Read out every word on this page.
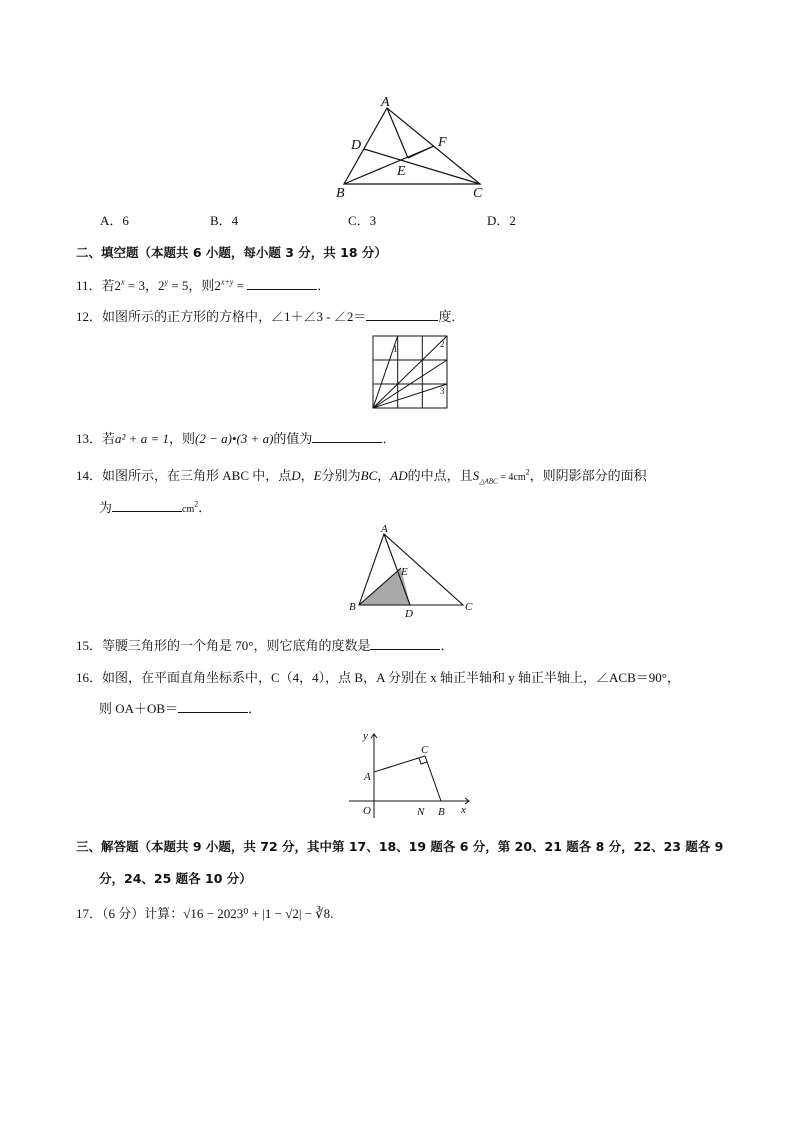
A
D	F
E
B	C
A．6	B．4	C．3	D．2
二、填空题（本题共 6 小题，每小题 3 分，共 18 分）
11．若$2^x = 3$，$2^y = 5$，则$2^{x+y}$ =	．
12．如图所示的正方形的方格中，∠1＋∠3 - ∠2＝	度．
1	2
3
13．若a² + a = 1，则(2 − a)•(3 + a)的值为	．
14．如图所示，在三角形 ABC 中，点D，E分别为BC，AD的中点，且$S_{\triangle ABC} = 4cm^2$，则阴影部分的面积
为	$cm^2$．
A
E
B
D
C
15．等腰三角形的一个角是 70°，则它底角的度数是	．
16．如图，在平面直角坐标系中，C（4，4），点 B，A 分别在 x 轴正半轴和 y 轴正半轴上，∠ACB＝90°，
则 OA＋OB＝	．
y
x
O
A
C
N B
三、解答题（本题共 9 小题，共 72 分，其中第 17、18、19 题各 6 分，第 20、21 题各 8 分，22、23 题各 9
分，24、25 题各 10 分）
17．（6 分）计算：√16 − 2023⁰ + |1 − √2| − ∛8.
